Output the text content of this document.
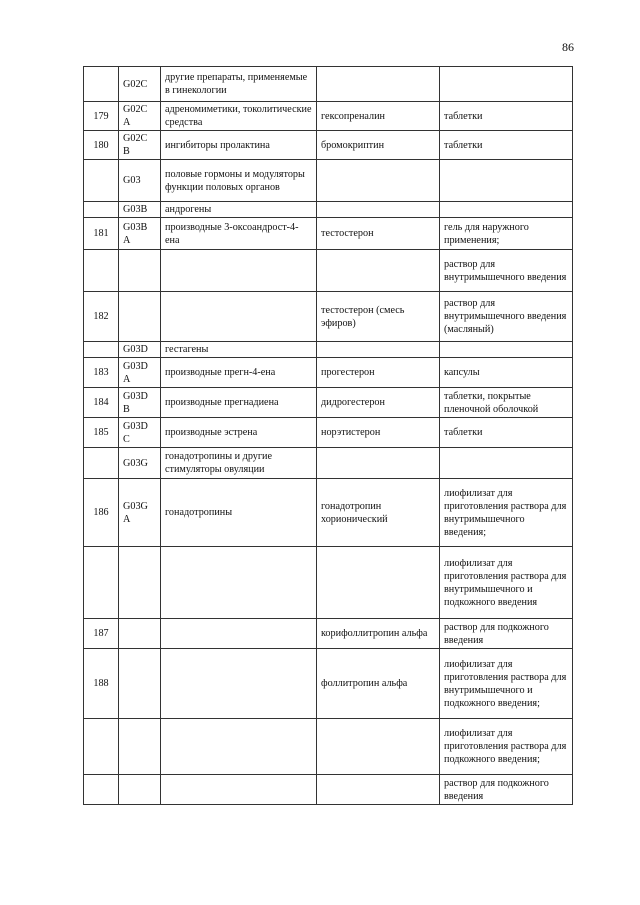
86
	G02C	другие препараты, применяемые в гинекологии		
179	G02C A	адреномиметики, токолитические средства	гексопреналин	таблетки
180	G02C В	ингибиторы пролактина	бромокриптин	таблетки
	G03	половые гормоны и модуляторы функции половых органов		
	G03B	андрогены		
181	G03B A	производные 3-оксоандрост-4-ена	тестостерон	гель для наружного применения;
				раствор для внутримышечного введения
182			тестостерон (смесь эфиров)	раствор для внутримышечного введения (масляный)
	G03D	гестагены		
183	G03D A	производные прегн-4-ена	прогестерон	капсулы
184	G03D В	производные прегнадиена	дидрогестерон	таблетки, покрытые пленочной оболочкой
185	G03D C	производные эстрена	норэтистерон	таблетки
	G03G	гонадотропины и другие стимуляторы овуляции		
186	G03G A	гонадотропины	гонадотропин хорионический	лиофилизат для приготовления раствора для внутримышечного введения;
				лиофилизат для приготовления раствора для внутримышечного и подкожного введения
187			корифоллитропин альфа	раствор для подкожного введения
188			фоллитропин альфа	лиофилизат для приготовления раствора для внутримышечного и подкожного введения;
				лиофилизат для приготовления раствора для подкожного введения;
				раствор для подкожного введения
